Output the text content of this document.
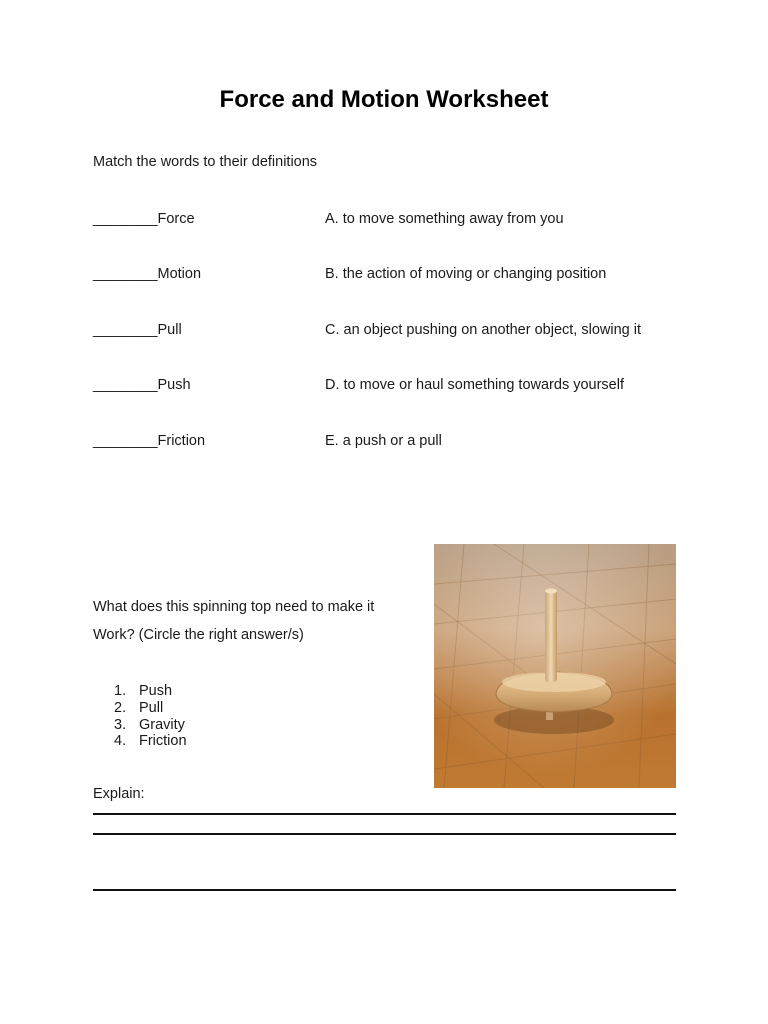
Force and Motion Worksheet
Match the words to their definitions
________Force	A. to move something away from you
________Motion	B. the action of moving or changing position
________Pull	C. an object pushing on another object, slowing it
________Push	D. to move or haul something towards yourself
________Friction	E. a push or a pull
What does this spinning top need to make it
Work? (Circle the right answer/s)
1. Push
2. Pull
3. Gravity
4. Friction
Explain:
